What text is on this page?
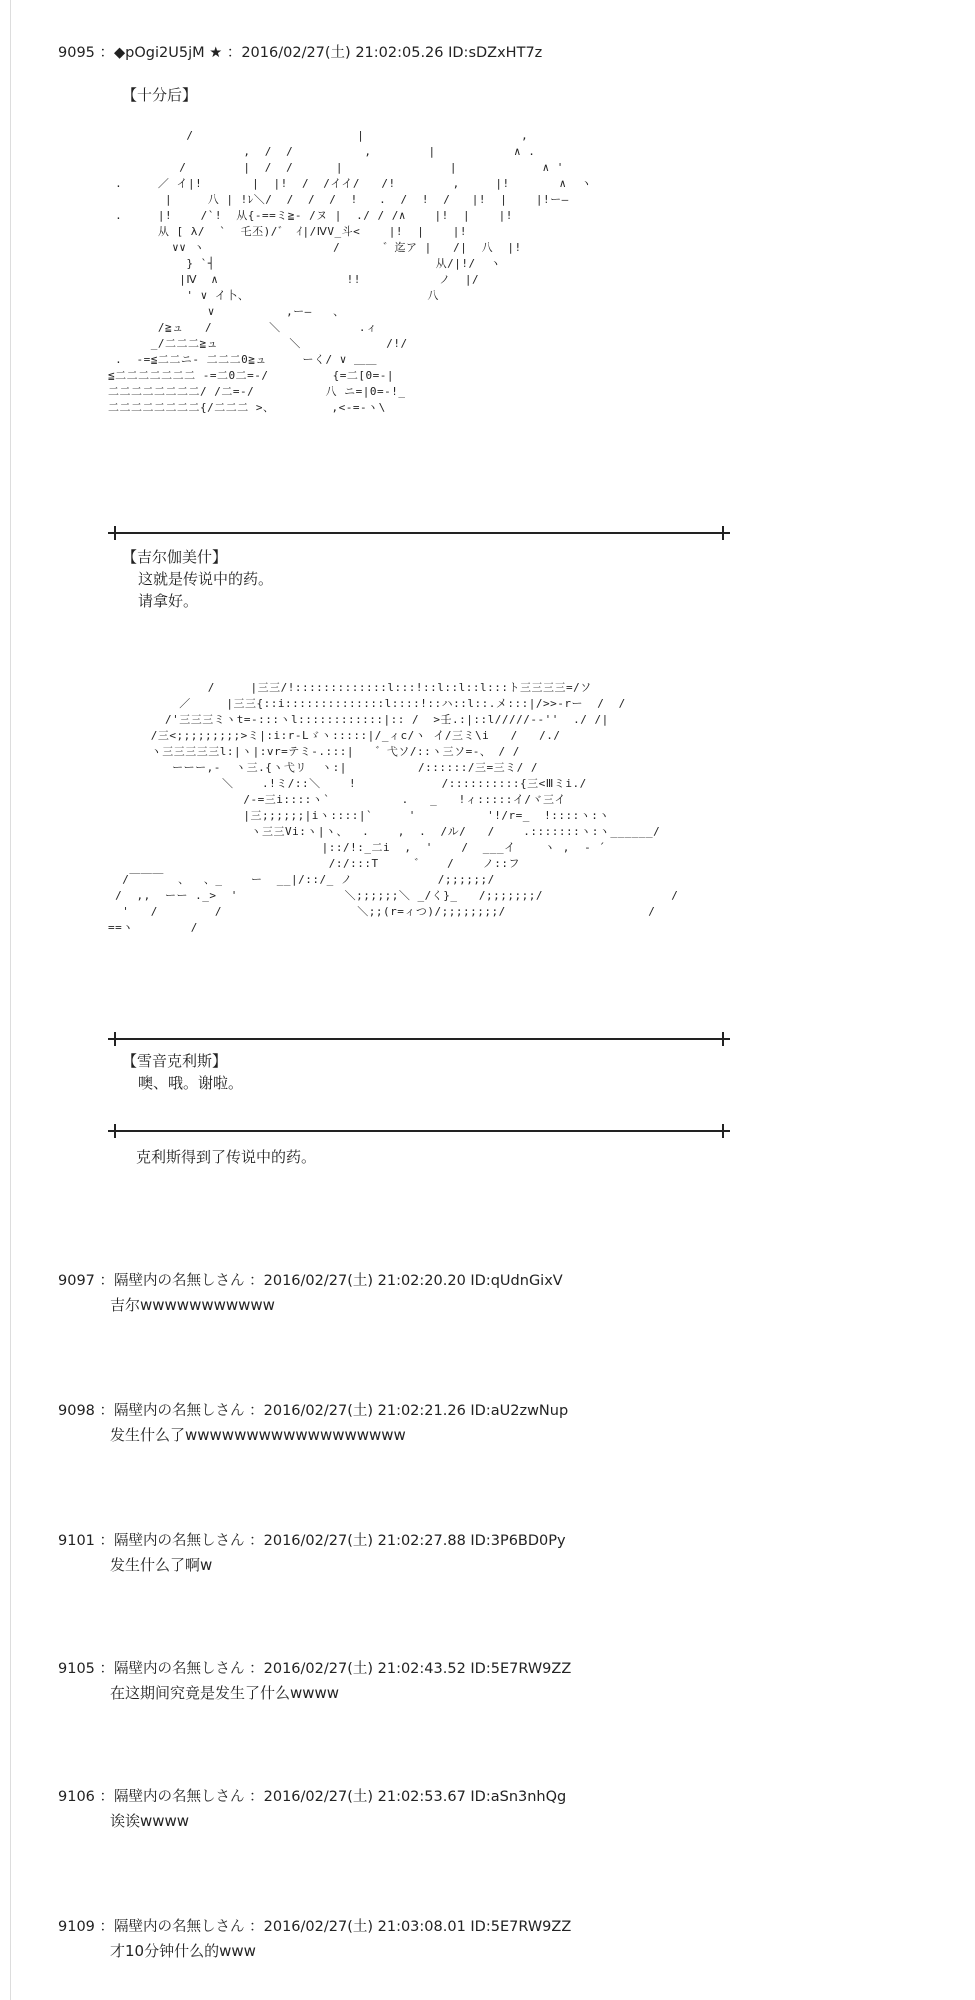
9095 ：◆pOgi2U5jM ★ ：2016/02/27(土) 21:02:05.26 ID:sDZxHT7z
【十分后】
/                       |                      ,
,  /  /          ,        |           ∧ .
/        |  /  /      |               |            ∧ '
.     ／ イ|!       |  |!  /  /イイ/   /!        ,     |!       ∧  ヽ
|     八 | !ﾚ＼/  /  /  /  !   .  /  !  /   |!  |    |!ー―
.     |!    /`!  从{-==ミ≧- /ヌ |  ./ / /∧    |!  |    |!
从 [ λ/  `  乇丕)/゛ ｲ|/ⅣV_斗<    |!  |    |!
∨∨ ヽ                  /      ゛迄ア |   /|  八  |!
} `┤                               从/|!/  ヽ
|Ⅳ  ∧                  !!           ノ  |/
' ∨ イ卜、                         八
∨          ,ー―   、
/≧ュ   /        ＼           .ィ
_/二二二≧ュ          ＼            /!/
.  -=≦二二ニ- 二二二0≧ュ     ーく/ ∨ ＿＿
≦二二二二二二二 -=二0二=-/         {=二[0=-|
二二二二二二二二/ /二=-/          八 ニ=|0=-!_
二二二二二二二二{/二二二 >、        ,<-=-ヽ\
【吉尔伽美什】
这就是传说中的药。
请拿好。
/     |三三/!:::::::::::::l:::!::l::l::l:::ト三三三三=/ソ
／     |三三{::i::::::::::::::l::::!::ハ::l::.メ:::|/>>-rー  /  /
/'三三三ミヽt=-:::ヽl::::::::::::|:: /  >壬.:|::l/////--''  ./ /|
/三<;;;;;;;;;>ミ|:i:r-Lゞヽ:::::|/_ィc/ヽ イ/三ミ\i   /   /./
ヽ三三三三三l:|ヽ|:vr=テミ-.:::|   ゛弋ソ/::ヽ三ソ=-、 / /
ーーー,-  ヽ三.{ヽ弋リ  ヽ:|          /::::::/三=三ミ/ /
＼    .!ミ/::＼    !            /::::::::::{三<Ⅲミi./
/-=三i::::ヽ`          .   _   !ィ:::::イ/ヾ三イ
|三;;;;;;|iヽ::::|`     '          '!/r=_  !::::ヽ:ヽ
ヽ三三Vi:ヽ|ヽ、  .    ,  .  /ル/   /    .:::::::ヽ:ヽ______/
|::/!:_二i  ,  '    /  ___イ    ヽ ,  - ´
/:/:::T     ゛   /    ノ::フ
/￣￣￣  、  、_    ー  __|/::/_ ノ            /;;;;;;/
/  ,,  ーー ._>  '               ＼;;;;;;＼ _/く}_   /;;;;;;;/                  /
'   /        /                   ＼;;(r=ィつ)/;;;;;;;;/                    /
==ヽ        /
【雪音克利斯】
噢、哦。谢啦。
克利斯得到了传说中的药。
9097 ：隔壁内の名無しさん ：2016/02/27(土) 21:02:20.20 ID:qUdnGixV
吉尔wwwwwwwwwww
9098 ：隔壁内の名無しさん ：2016/02/27(土) 21:02:21.26 ID:aU2zwNup
发生什么了wwwwwwwwwwwwwwwwww
9101 ：隔壁内の名無しさん ：2016/02/27(土) 21:02:27.88 ID:3P6BD0Py
发生什么了啊w
9105 ：隔壁内の名無しさん ：2016/02/27(土) 21:02:43.52 ID:5E7RW9ZZ
在这期间究竟是发生了什么wwww
9106 ：隔壁内の名無しさん ：2016/02/27(土) 21:02:53.67 ID:aSn3nhQg
诶诶wwww
9109 ：隔壁内の名無しさん ：2016/02/27(土) 21:03:08.01 ID:5E7RW9ZZ
才10分钟什么的www
